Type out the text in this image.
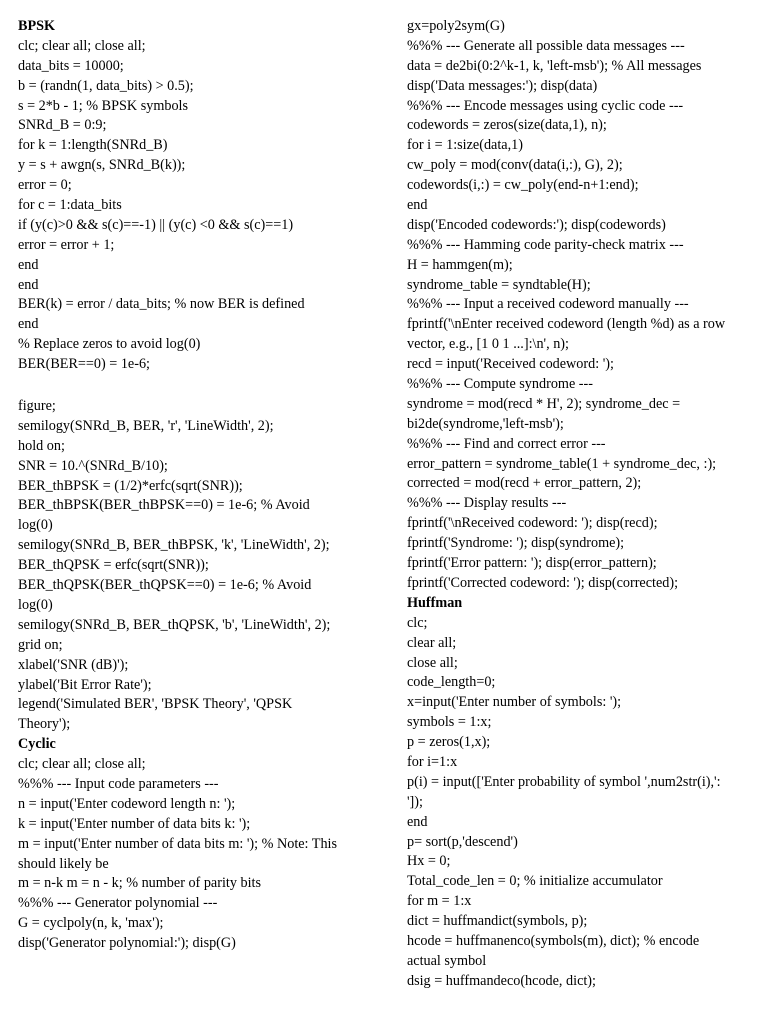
BPSK
clc; clear all; close all;
data_bits = 10000;
b = (randn(1, data_bits) > 0.5);
s = 2*b - 1; % BPSK symbols
SNRd_B = 0:9;
for k = 1:length(SNRd_B)
y = s + awgn(s, SNRd_B(k));
error = 0;
for c = 1:data_bits
if (y(c)>0 && s(c)==-1) || (y(c) <0 && s(c)==1)
error = error + 1;
end
end
BER(k) = error / data_bits; % now BER is defined
end
% Replace zeros to avoid log(0)
BER(BER==0) = 1e-6;
figure;
semilogy(SNRd_B, BER, 'r', 'LineWidth', 2);
hold on;
SNR = 10.^(SNRd_B/10);
BER_thBPSK = (1/2)*erfc(sqrt(SNR));
BER_thBPSK(BER_thBPSK==0) = 1e-6; % Avoid
log(0)
semilogy(SNRd_B, BER_thBPSK, 'k', 'LineWidth', 2);
BER_thQPSK = erfc(sqrt(SNR));
BER_thQPSK(BER_thQPSK==0) = 1e-6; % Avoid
log(0)
semilogy(SNRd_B, BER_thQPSK, 'b', 'LineWidth', 2);
grid on;
xlabel('SNR (dB)');
ylabel('Bit Error Rate');
legend('Simulated BER', 'BPSK Theory', 'QPSK
Theory');
Cyclic
clc; clear all; close all;
%%% --- Input code parameters ---
n = input('Enter codeword length n: ');
k = input('Enter number of data bits k: ');
m = input('Enter number of data bits m: '); % Note: This
should likely be
m = n-k m = n - k; % number of parity bits
%%% --- Generator polynomial ---
G = cyclpoly(n, k, 'max');
disp('Generator polynomial:'); disp(G)
gx=poly2sym(G)
%%% --- Generate all possible data messages ---
data = de2bi(0:2^k-1, k, 'left-msb'); % All messages
disp('Data messages:'); disp(data)
%%% --- Encode messages using cyclic code ---
codewords = zeros(size(data,1), n);
for i = 1:size(data,1)
cw_poly = mod(conv(data(i,:), G), 2);
codewords(i,:) = cw_poly(end-n+1:end);
end
disp('Encoded codewords:'); disp(codewords)
%%% --- Hamming code parity-check matrix ---
H = hammgen(m);
syndrome_table = syndtable(H);
%%% --- Input a received codeword manually ---
fprintf('\nEnter received codeword (length %d) as a row
vector, e.g., [1 0 1 ...]:\n', n);
recd = input('Received codeword: ');
%%% --- Compute syndrome ---
syndrome = mod(recd * H', 2); syndrome_dec =
bi2de(syndrome,'left-msb');
%%% --- Find and correct error ---
error_pattern = syndrome_table(1 + syndrome_dec, :);
corrected = mod(recd + error_pattern, 2);
%%% --- Display results ---
fprintf('\nReceived codeword: '); disp(recd);
fprintf('Syndrome: '); disp(syndrome);
fprintf('Error pattern: '); disp(error_pattern);
fprintf('Corrected codeword: '); disp(corrected);
Huffman
clc;
clear all;
close all;
code_length=0;
x=input('Enter number of symbols: ');
symbols = 1:x;
p = zeros(1,x);
for i=1:x
p(i) = input(['Enter probability of symbol ',num2str(i),':
']);
end
p= sort(p,'descend')
Hx = 0;
Total_code_len = 0; % initialize accumulator
for m = 1:x
dict = huffmandict(symbols, p);
hcode = huffmanenco(symbols(m), dict); % encode
actual symbol
dsig = huffmandeco(hcode, dict);
